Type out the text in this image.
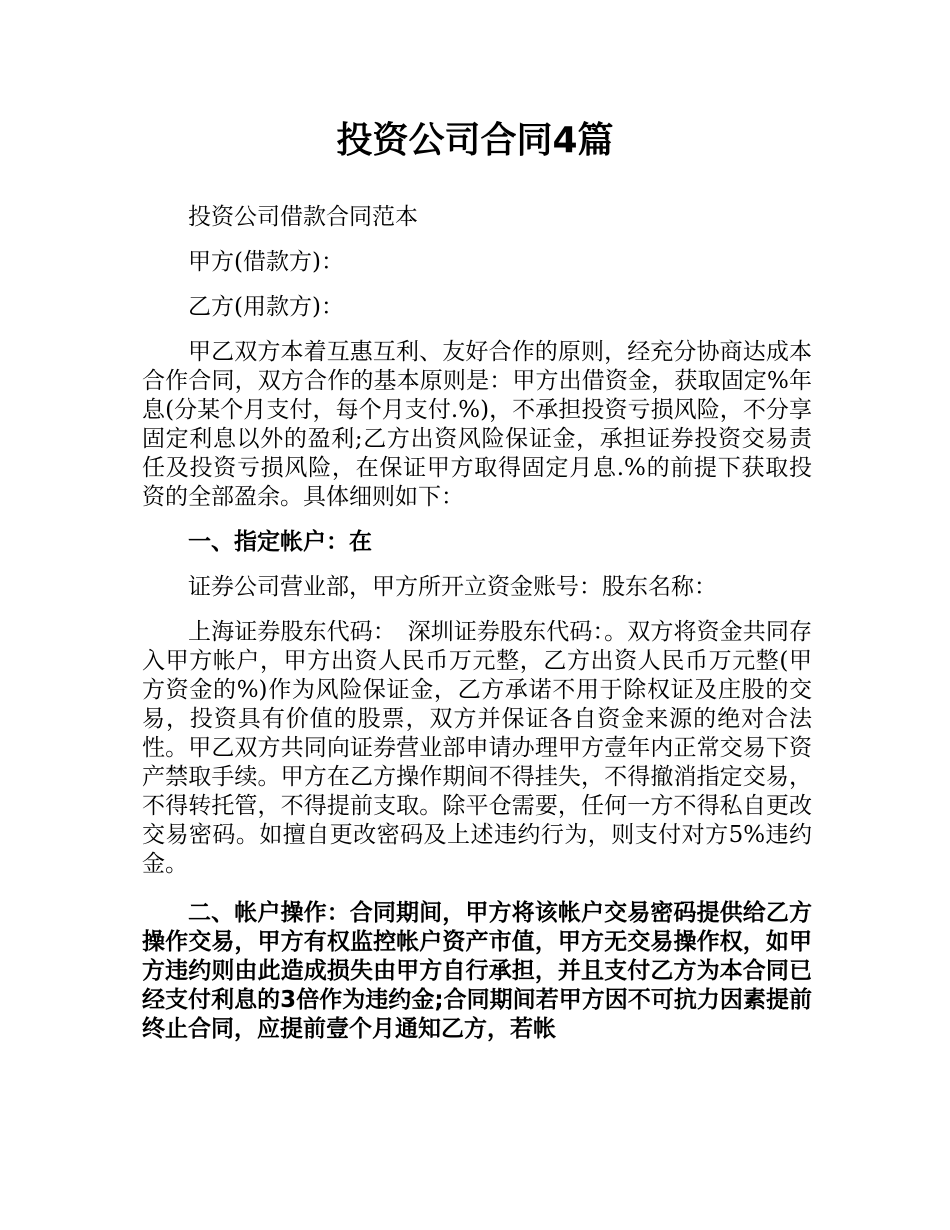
投资公司合同4篇

投资公司借款合同范本

甲方(借款方)：

乙方(用款方)：

甲乙双方本着互惠互利、友好合作的原则，经充分协商达成本合作合同，双方合作的基本原则是：甲方出借资金，获取固定%年息(分某个月支付，每个月支付.%)，不承担投资亏损风险，不分享固定利息以外的盈利;乙方出资风险保证金，承担证券投资交易责任及投资亏损风险，在保证甲方取得固定月息.%的前提下获取投资的全部盈余。具体细则如下：

一、指定帐户：在

证券公司营业部，甲方所开立资金账号：股东名称：

上海证券股东代码：　深圳证券股东代码：。双方将资金共同存入甲方帐户，甲方出资人民币万元整，乙方出资人民币万元整(甲方资金的%)作为风险保证金，乙方承诺不用于除权证及庄股的交易，投资具有价值的股票，双方并保证各自资金来源的绝对合法性。甲乙双方共同向证券营业部申请办理甲方壹年内正常交易下资产禁取手续。甲方在乙方操作期间不得挂失，不得撤消指定交易，不得转托管，不得提前支取。除平仓需要，任何一方不得私自更改交易密码。如擅自更改密码及上述违约行为，则支付对方5%违约金。

二、帐户操作：合同期间，甲方将该帐户交易密码提供给乙方操作交易，甲方有权监控帐户资产市值，甲方无交易操作权，如甲方违约则由此造成损失由甲方自行承担，并且支付乙方为本合同已经支付利息的3倍作为违约金;合同期间若甲方因不可抗力因素提前终止合同，应提前壹个月通知乙方，若帐
